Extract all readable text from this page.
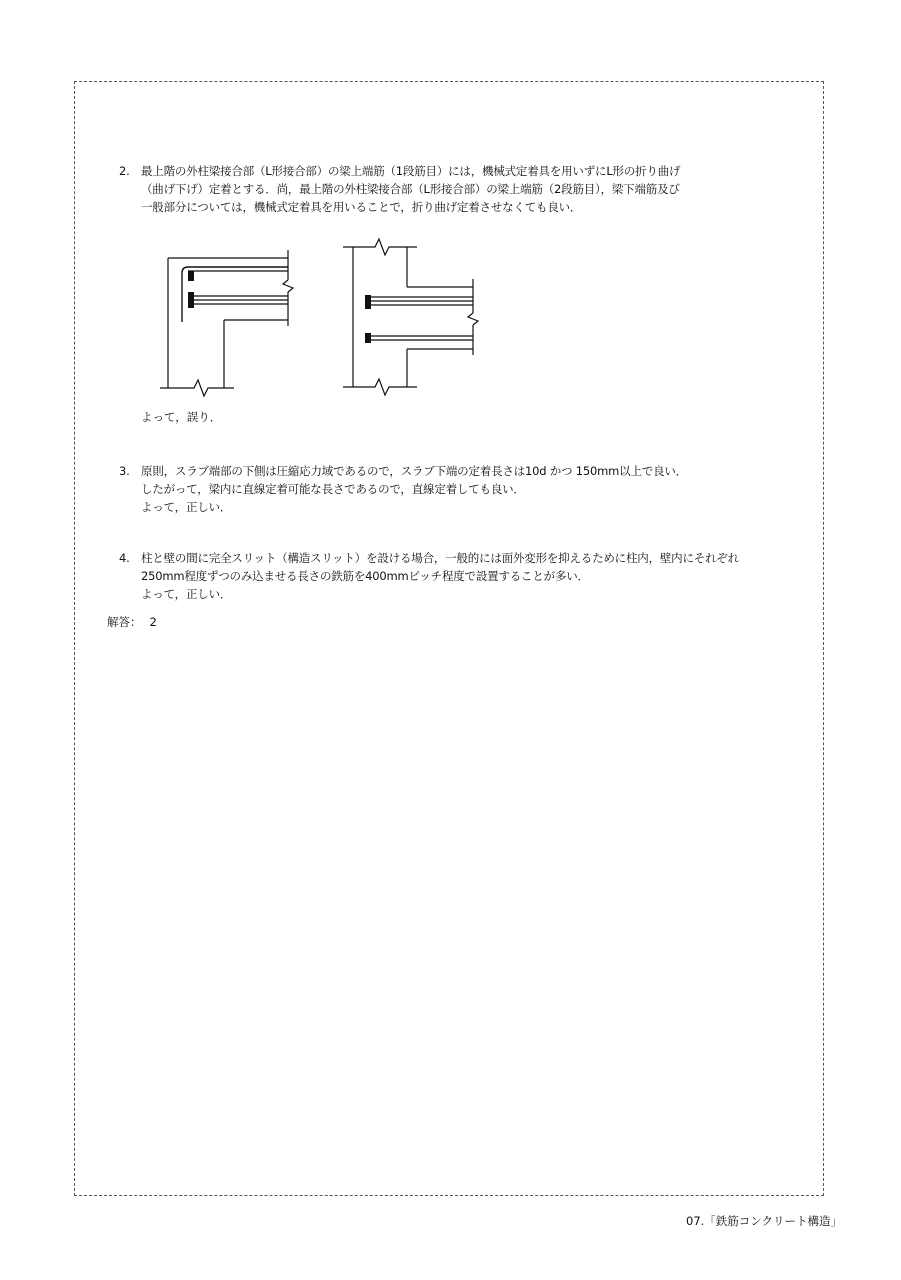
2. 最上階の外柱梁接合部（L形接合部）の梁上端筋（1段筋目）には，機械式定着具を用いずにL形の折り曲げ

（曲げ下げ）定着とする．尚，最上階の外柱梁接合部（L形接合部）の梁上端筋（2段筋目），梁下端筋及び

一般部分については，機械式定着具を用いることで，折り曲げ定着させなくても良い．

よって，誤り．
3. 原則，スラブ端部の下側は圧縮応力域であるので，スラブ下端の定着長さは10d かつ 150mm以上で良い．

したがって，梁内に直線定着可能な長さであるので，直線定着しても良い．

よって，正しい．

4. 柱と壁の間に完全スリット（構造スリット）を設ける場合，一般的には面外変形を抑えるために柱内，壁内にそれぞれ

250mm程度ずつのみ込ませる長さの鉄筋を400mmピッチ程度で設置することが多い．

よって，正しい．

解答： 2
07.「鉄筋コンクリート構造」
